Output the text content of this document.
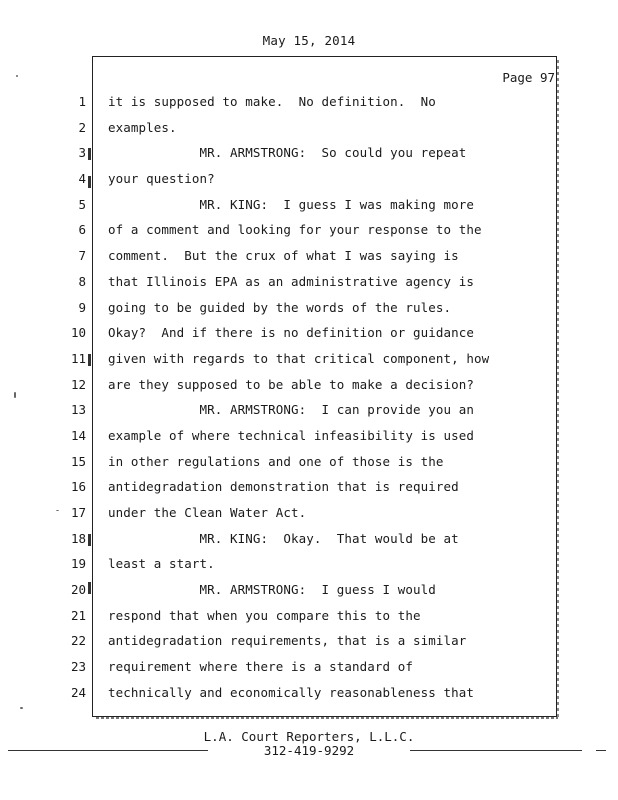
May 15, 2014
Page 97
1
2
3
4
5
6
7
8
9
10
11
12
13
14
15
16
17
18
19
20
21
22
23
24
it is supposed to make.  No definition.  No
examples.
MR. ARMSTRONG:  So could you repeat
your question?
MR. KING:  I guess I was making more
of a comment and looking for your response to the
comment.  But the crux of what I was saying is
that Illinois EPA as an administrative agency is
going to be guided by the words of the rules.
Okay?  And if there is no definition or guidance
given with regards to that critical component, how
are they supposed to be able to make a decision?
MR. ARMSTRONG:  I can provide you an
example of where technical infeasibility is used
in other regulations and one of those is the
antidegradation demonstration that is required
under the Clean Water Act.
MR. KING:  Okay.  That would be at
least a start.
MR. ARMSTRONG:  I guess I would
respond that when you compare this to the
antidegradation requirements, that is a similar
requirement where there is a standard of
technically and economically reasonableness that
L.A. Court Reporters, L.L.C.
312-419-9292
